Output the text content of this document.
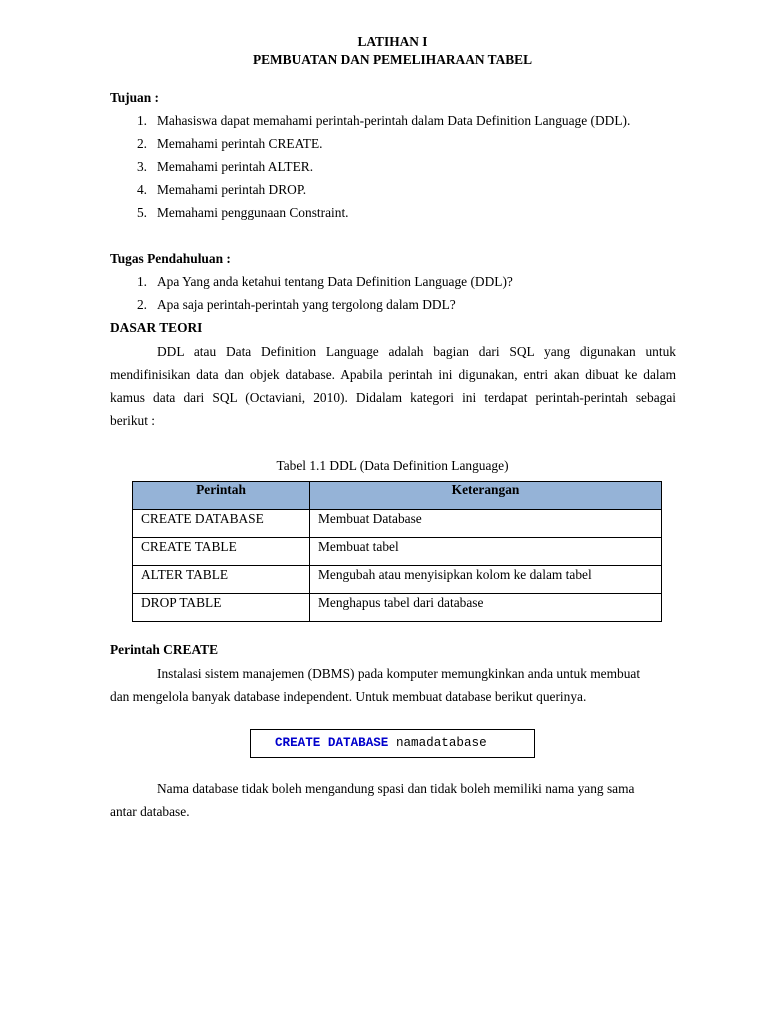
LATIHAN I
PEMBUATAN DAN PEMELIHARAAN TABEL
Tujuan :
1. Mahasiswa dapat memahami perintah-perintah dalam Data Definition Language (DDL).
2. Memahami perintah CREATE.
3. Memahami perintah ALTER.
4. Memahami perintah DROP.
5. Memahami penggunaan Constraint.
Tugas Pendahuluan :
1. Apa Yang anda ketahui tentang Data Definition Language (DDL)?
2. Apa saja perintah-perintah yang tergolong dalam DDL?
DASAR TEORI
DDL atau Data Definition Language adalah bagian dari SQL yang digunakan untuk
mendifinisikan data dan objek database. Apabila perintah ini digunakan, entri akan dibuat ke dalam
kamus data dari SQL (Octaviani, 2010). Didalam kategori ini terdapat perintah-perintah sebagai
berikut :
Tabel 1.1 DDL (Data Definition Language)
Perintah	Keterangan
CREATE DATABASE	Membuat Database
CREATE TABLE	Membuat tabel
ALTER TABLE	Mengubah atau menyisipkan kolom ke dalam tabel
DROP TABLE	Menghapus tabel dari database
Perintah CREATE
Instalasi sistem manajemen (DBMS) pada komputer memungkinkan anda untuk membuat
dan mengelola banyak database independent. Untuk membuat database berikut querinya.
CREATE DATABASE namadatabase
Nama database tidak boleh mengandung spasi dan tidak boleh memiliki nama yang sama
antar database.
